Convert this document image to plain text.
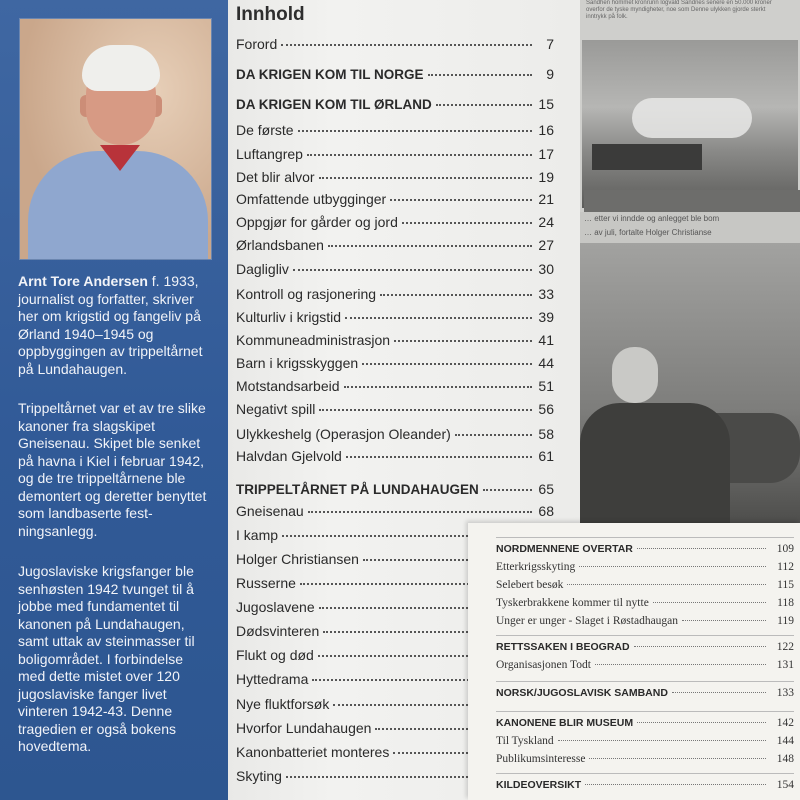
Arnt Tore Andersen f. 1933, journalist og forfatter, skriver her om krigstid og fangeliv på Ørland 1940–1945 og oppbyggingen av trippeltårnet på Lundahaugen.

Trippeltårnet var et av tre slike kanoner fra slagskipet Gneisenau. Skipet ble senket på havna i Kiel i februar 1942, og de tre trippeltårnene ble demontert og deretter benyttet som landbaserte festningsanlegg.

Jugoslaviske krigsfanger ble senhøsten 1942 tvunget til å jobbe med fundamentet til kanonen på Lundahaugen, samt uttak av steinmasser til boligområdet. I forbindelse med dette mistet over 120 jugoslaviske fanger livet vinteren 1942-43. Denne tragedien er også bokens hovedtema.

Innhold
Forord	7
DA KRIGEN KOM TIL NORGE	9
DA KRIGEN KOM TIL ØRLAND	15
De første	16
Luftangrep	17
Det blir alvor	19
Omfattende utbygginger	21
Oppgjør for gårder og jord	24
Ørlandsbanen	27
Dagligliv	30
Kontroll og rasjonering	33
Kulturliv i krigstid	39
Kommuneadministrasjon	41
Barn i krigsskyggen	44
Motstandsarbeid	51
Negativt spill	56
Ulykkeshelg (Operasjon Oleander)	58
Halvdan Gjelvold	61
TRIPPELTÅRNET PÅ LUNDAHAUGEN	65
Gneisenau	68
I kamp
Holger Christiansen
Russerne
Jugoslavene
Dødsvinteren
Flukt og død
Hyttedrama
Nye fluktforsøk
Hvorfor Lundahaugen
Kanonbatteriet monteres
Skyting
Sandhen hommet kronrunn logvald Sandnes senere en 50.000 kroner overfor de tyske myndigheter, noe som Denne ulykken gjorde sterkt inntrykk på folk.
… etter vi inndde og anlegget ble bom
… av juli, fortalte Holger Christianse
NORDMENNENE OVERTAR	109
Etterkrigsskyting	112
Selebert besøk	115
Tyskerbrakkene kommer til nytte	118
Unger er unger - Slaget i Røstadhaugan	119
RETTSSAKEN I BEOGRAD	122
Organisasjonen Todt	131
NORSK/JUGOSLAVISK SAMBAND	133
KANONENE BLIR MUSEUM	142
Til Tyskland	144
Publikumsinteresse	148
KILDEOVERSIKT	154
